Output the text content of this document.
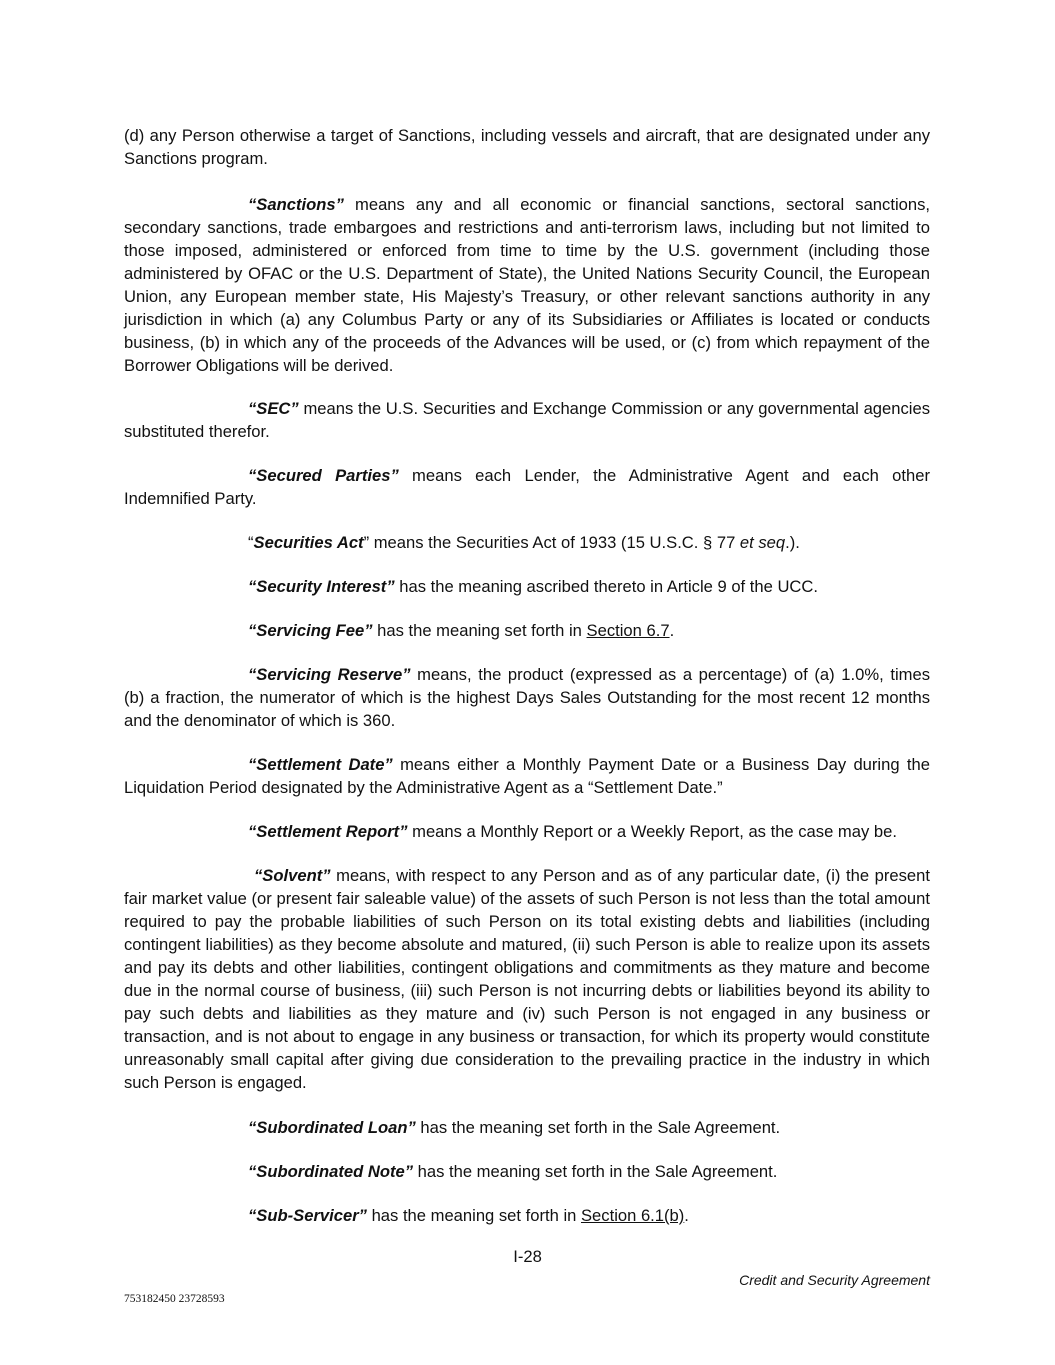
(d) any Person otherwise a target of Sanctions, including vessels and aircraft, that are designated under any Sanctions program.

“Sanctions” means any and all economic or financial sanctions, sectoral sanctions, secondary sanctions, trade embargoes and restrictions and anti-terrorism laws, including but not limited to those imposed, administered or enforced from time to time by the U.S. government (including those administered by OFAC or the U.S. Department of State), the United Nations Security Council, the European Union, any European member state, His Majesty’s Treasury, or other relevant sanctions authority in any jurisdiction in which (a) any Columbus Party or any of its Subsidiaries or Affiliates is located or conducts business, (b) in which any of the proceeds of the Advances will be used, or (c) from which repayment of the Borrower Obligations will be derived.

“SEC” means the U.S. Securities and Exchange Commission or any governmental agencies substituted therefor.

“Secured Parties” means each Lender, the Administrative Agent and each other Indemnified Party.

“Securities Act” means the Securities Act of 1933 (15 U.S.C. § 77 et seq.).

“Security Interest” has the meaning ascribed thereto in Article 9 of the UCC.

“Servicing Fee” has the meaning set forth in Section 6.7.

“Servicing Reserve” means, the product (expressed as a percentage) of (a) 1.0%, times (b) a fraction, the numerator of which is the highest Days Sales Outstanding for the most recent 12 months and the denominator of which is 360.

“Settlement Date” means either a Monthly Payment Date or a Business Day during the Liquidation Period designated by the Administrative Agent as a “Settlement Date.”

“Settlement Report” means a Monthly Report or a Weekly Report, as the case may be.

“Solvent” means, with respect to any Person and as of any particular date, (i) the present fair market value (or present fair saleable value) of the assets of such Person is not less than the total amount required to pay the probable liabilities of such Person on its total existing debts and liabilities (including contingent liabilities) as they become absolute and matured, (ii) such Person is able to realize upon its assets and pay its debts and other liabilities, contingent obligations and commitments as they mature and become due in the normal course of business, (iii) such Person is not incurring debts or liabilities beyond its ability to pay such debts and liabilities as they mature and (iv) such Person is not engaged in any business or transaction, and is not about to engage in any business or transaction, for which its property would constitute unreasonably small capital after giving due consideration to the prevailing practice in the industry in which such Person is engaged.

“Subordinated Loan” has the meaning set forth in the Sale Agreement.

“Subordinated Note” has the meaning set forth in the Sale Agreement.

“Sub-Servicer” has the meaning set forth in Section 6.1(b).

I-28
Credit and Security Agreement
753182450 23728593
